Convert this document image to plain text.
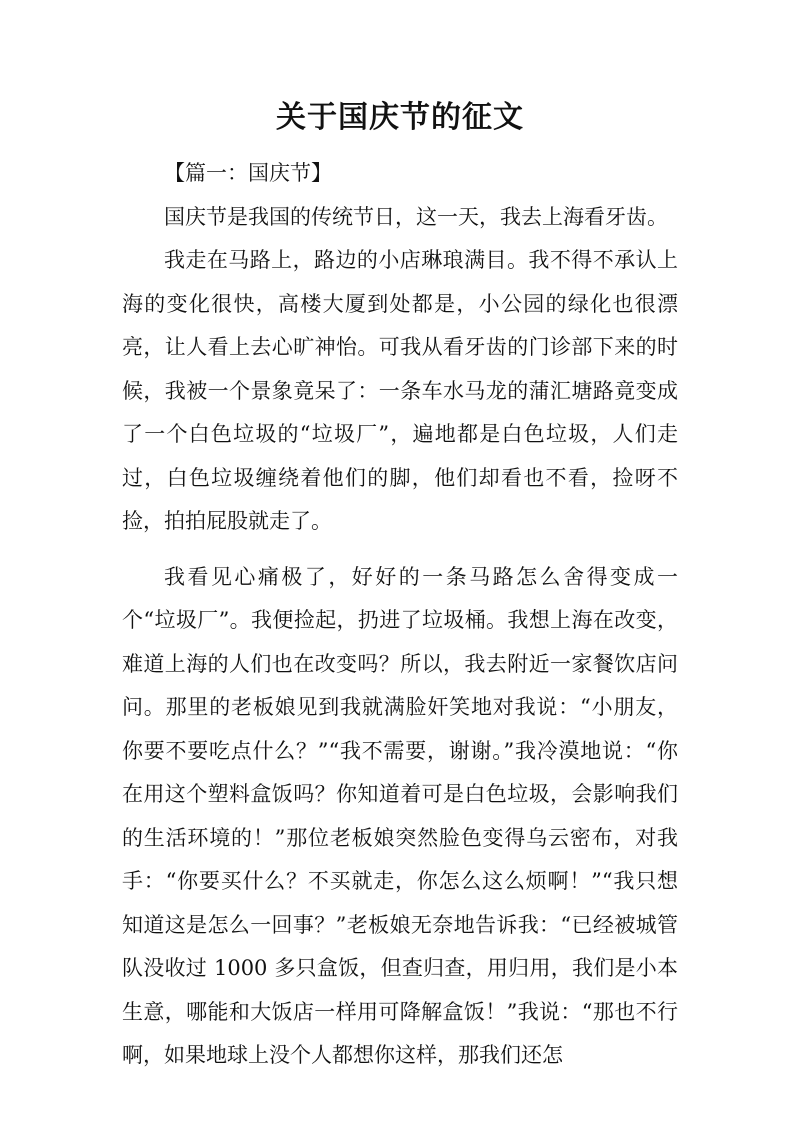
关于国庆节的征文

【篇一：国庆节】

国庆节是我国的传统节日，这一天，我去上海看牙齿。

我走在马路上，路边的小店琳琅满目。我不得不承认上海的变化很快，高楼大厦到处都是，小公园的绿化也很漂亮，让人看上去心旷神怡。可我从看牙齿的门诊部下来的时候，我被一个景象竟呆了：一条车水马龙的蒲汇塘路竟变成了一个白色垃圾的“垃圾厂”，遍地都是白色垃圾，人们走过，白色垃圾缠绕着他们的脚，他们却看也不看，捡呀不捡，拍拍屁股就走了。

我看见心痛极了，好好的一条马路怎么舍得变成一个“垃圾厂”。我便捡起，扔进了垃圾桶。我想上海在改变，难道上海的人们也在改变吗？所以，我去附近一家餐饮店问问。那里的老板娘见到我就满脸奸笑地对我说：“小朋友，你要不要吃点什么？”“我不需要，谢谢。”我冷漠地说：“你在用这个塑料盒饭吗？你知道着可是白色垃圾，会影响我们的生活环境的！”那位老板娘突然脸色变得乌云密布，对我手：“你要买什么？不买就走，你怎么这么烦啊！”“我只想知道这是怎么一回事？”老板娘无奈地告诉我：“已经被城管队没收过 1000 多只盒饭，但查归查，用归用，我们是小本生意，哪能和大饭店一样用可降解盒饭！”我说：“那也不行啊，如果地球上没个人都想你这样，那我们还怎
